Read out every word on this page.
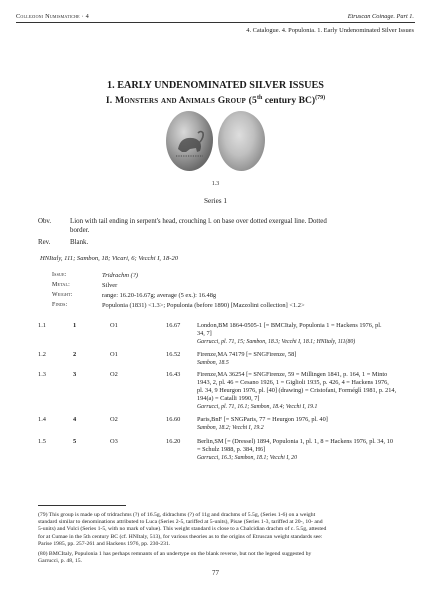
Collezioni Numismatiche · 4	Etruscan Coinage. Part 1.
4. Catalogue. 4. Populonia. 1. Early Undenominated Silver Issues
1. EARLY UNDENOMINATED SILVER ISSUES
I. Monsters and Animals Group (5th century BC)$^{(79)}$
1.3
Series 1
Obv.	Lion with tail ending in serpent's head, crouching l. on base over dotted exergual line. Dotted
border.
Rev.	Blank.
HNItaly, 111; Sambon, 18; Vicari, 6; Vecchi I, 18-20
Issue:	Tridrachm (?)
Metal:	Silver
Weight:	range: 16.20-16.67g; average (5 ex.): 16.48g
Finds:	Populonia (1831) <1.3>; Populonia (before 1890) [Mazzolini collection] <1.2>
1.1	1	O1	16.67	London,BM 1864-0505-1 [= BMCItaly, Populonia 1 = Hackens 1976, pl.
34, 7]
Garrucci, pl. 71, 15; Sambon, 18.3; Vecchi I, 18.1; HNItaly, 111(80)
1.2	2	O1	16.52	Firenze,MA 74179 [= SNGFirenze, 58]
Sambon, 18.5
1.3	3	O2	16.43	Firenze,MA 36254 [= SNGFirenze, 59 = Millingen 1841, p. 164, 1 = Minto
1943, 2, pl. 46 = Cesano 1926, 1 = Giglioli 1935, p. 426, 4 = Hackens 1976,
pl. 34, 9 Heurgon 1976, pl. [40] (drawing) = Cristofani, Forméglì 1981, p. 214,
194(a) = Catalli 1990, 7]
Garrucci, pl. 71, 16.1; Sambon, 18.4; Vecchi I, 19.1
1.4	4	O2	16.60	Paris,BnF [= SNGParis, 77 = Heurgon 1976, pl. 40]
Sambon, 18.2; Vecchi I, 19.2
1.5	5	O3	16.20	Berlin,SM [= (Dressel) 1894, Populonia 1, pl. 1, 8 = Hackens 1976, pl. 34, 10
= Schulz 1988, p. 384, H6]
Garrucci, 16.3; Sambon, 18.1; Vecchi I, 20
(79) This group is made up of tridrachms (?) of 16.5g, didrachms (?) of 11g and drachms of 5.5g, (Series 1-6) on a weight
standard similar to denominations attributed to Luca (Series 2-5, tariffed at 5-units), Pisae (Series 1-3, tariffed at 20-, 10- and
5-units) and Vulci (Series 1-5, with no mark of value). This weight standard is close to a Chalcidian drachm of c. 5.5g, attested
for at Cumae in the 5th century BC (cf. HNItaly, 513), for various theories as to the origins of Etruscan weight standards see:
Parise 1985, pp. 257-261 and Hackens 1976, pp. 230-231.
(80) BMCItaly, Populonia 1 has perhaps remnants of an undertype on the blank reverse, but not the legend suggested by
Garrucci, p. 48, 15.
77
